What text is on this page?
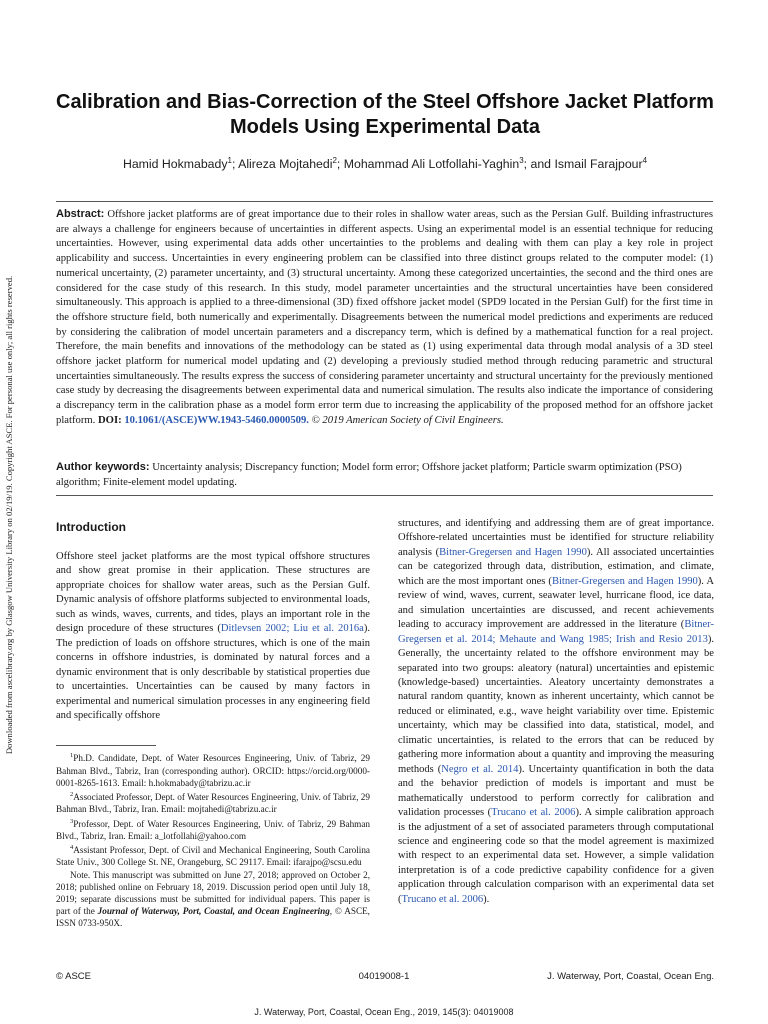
Downloaded from ascelibrary.org by Glasgow University Library on 02/19/19. Copyright ASCE. For personal use only; all rights reserved.
Calibration and Bias-Correction of the Steel Offshore Jacket Platform Models Using Experimental Data
Hamid Hokmabady$^1$; Alireza Mojtahedi$^2$; Mohammad Ali Lotfollahi-Yaghin$^3$; and Ismail Farajpour$^4$

Abstract: Offshore jacket platforms are of great importance due to their roles in shallow water areas, such as the Persian Gulf. Building infrastructures are always a challenge for engineers because of uncertainties in different aspects. Using an experimental model is an essential technique for reducing uncertainties. However, using experimental data adds other uncertainties to the problems and dealing with them can play a key role in project applicability and success. Uncertainties in every engineering problem can be classified into three distinct groups related to the computer model: (1) numerical uncertainty, (2) parameter uncertainty, and (3) structural uncertainty. Among these categorized uncertainties, the second and the third ones are considered for the case study of this research. In this study, model parameter uncertainties and the structural uncertainties have been considered simultaneously. This approach is applied to a three-dimensional (3D) fixed offshore jacket model (SPD9 located in the Persian Gulf) for the first time in the offshore structure field, both numerically and experimentally. Disagreements between the numerical model predictions and experiments are reduced by considering the calibration of model uncertain parameters and a discrepancy term, which is defined by a mathematical function for a real project. Therefore, the main benefits and innovations of the methodology can be stated as (1) using experimental data through modal analysis of a 3D steel offshore jacket platform for numerical model updating and (2) developing a previously studied method through reducing parametric and structural uncertainties simultaneously. The results express the success of considering parameter uncertainty and structural uncertainty for the previously mentioned case study by decreasing the disagreements between experimental data and numerical simulation. The results also indicate the importance of considering a discrepancy term in the calibration phase as a model form error term due to increasing the applicability of the proposed method for an offshore jacket platform. DOI: 10.1061/(ASCE)WW.1943-5460.0000509. © 2019 American Society of Civil Engineers.

Author keywords: Uncertainty analysis; Discrepancy function; Model form error; Offshore jacket platform; Particle swarm optimization (PSO) algorithm; Finite-element model updating.

Introduction

Offshore steel jacket platforms are the most typical offshore structures and show great promise in their application. These structures are appropriate choices for shallow water areas, such as the Persian Gulf. Dynamic analysis of offshore platforms subjected to environmental loads, such as winds, waves, currents, and tides, plays an important role in the design procedure of these structures (Ditlevsen 2002; Liu et al. 2016a). The prediction of loads on offshore structures, which is one of the main concerns in offshore industries, is dominated by natural forces and a dynamic environment that is only describable by statistical properties due to uncertainties. Uncertainties can be caused by many factors in experimental and numerical simulation processes in any engineering field and specifically offshore

$^1$Ph.D. Candidate, Dept. of Water Resources Engineering, Univ. of Tabriz, 29 Bahman Blvd., Tabriz, Iran (corresponding author). ORCID: https://orcid.org/0000-0001-8265-1613. Email: h.hokmabady@tabrizu.ac.ir

$^2$Associated Professor, Dept. of Water Resources Engineering, Univ. of Tabriz, 29 Bahman Blvd., Tabriz, Iran. Email: mojtahedi@tabrizu.ac.ir

$^3$Professor, Dept. of Water Resources Engineering, Univ. of Tabriz, 29 Bahman Blvd., Tabriz, Iran. Email: a_lotfollahi@yahoo.com

$^4$Assistant Professor, Dept. of Civil and Mechanical Engineering, South Carolina State Univ., 300 College St. NE, Orangeburg, SC 29117. Email: ifarajpo@scsu.edu

Note. This manuscript was submitted on June 27, 2018; approved on October 2, 2018; published online on February 18, 2019. Discussion period open until July 18, 2019; separate discussions must be submitted for individual papers. This paper is part of the Journal of Waterway, Port, Coastal, and Ocean Engineering, © ASCE, ISSN 0733-950X.

structures, and identifying and addressing them are of great importance. Offshore-related uncertainties must be identified for structure reliability analysis (Bitner-Gregersen and Hagen 1990). All associated uncertainties can be categorized through data, distribution, estimation, and climate, which are the most important ones (Bitner-Gregersen and Hagen 1990). A review of wind, waves, current, seawater level, hurricane flood, ice data, and simulation uncertainties are discussed, and recent achievements leading to accuracy improvement are addressed in the literature (Bitner-Gregersen et al. 2014; Mehaute and Wang 1985; Irish and Resio 2013). Generally, the uncertainty related to the offshore environment may be separated into two groups: aleatory (natural) uncertainties and epistemic (knowledge-based) uncertainties. Aleatory uncertainty demonstrates a natural random quantity, known as inherent uncertainty, which cannot be reduced or eliminated, e.g., wave height variability over time. Epistemic uncertainty, which may be classified into data, statistical, model, and climatic uncertainties, is related to the errors that can be reduced by gathering more information about a quantity and improving the measuring methods (Negro et al. 2014). Uncertainty quantification in both the data and the behavior prediction of models is important and must be mathematically understood to perform correctly for calibration and validation processes (Trucano et al. 2006). A simple calibration approach is the adjustment of a set of associated parameters through computational science and engineering code so that the model agreement is maximized with respect to an experimental data set. However, a simple validation interpretation is of a code predictive capability confidence for a given application through calculation comparison with an experimental data set (Trucano et al. 2006).

© ASCE	04019008-1	J. Waterway, Port, Coastal, Ocean Eng.
J. Waterway, Port, Coastal, Ocean Eng., 2019, 145(3): 04019008
